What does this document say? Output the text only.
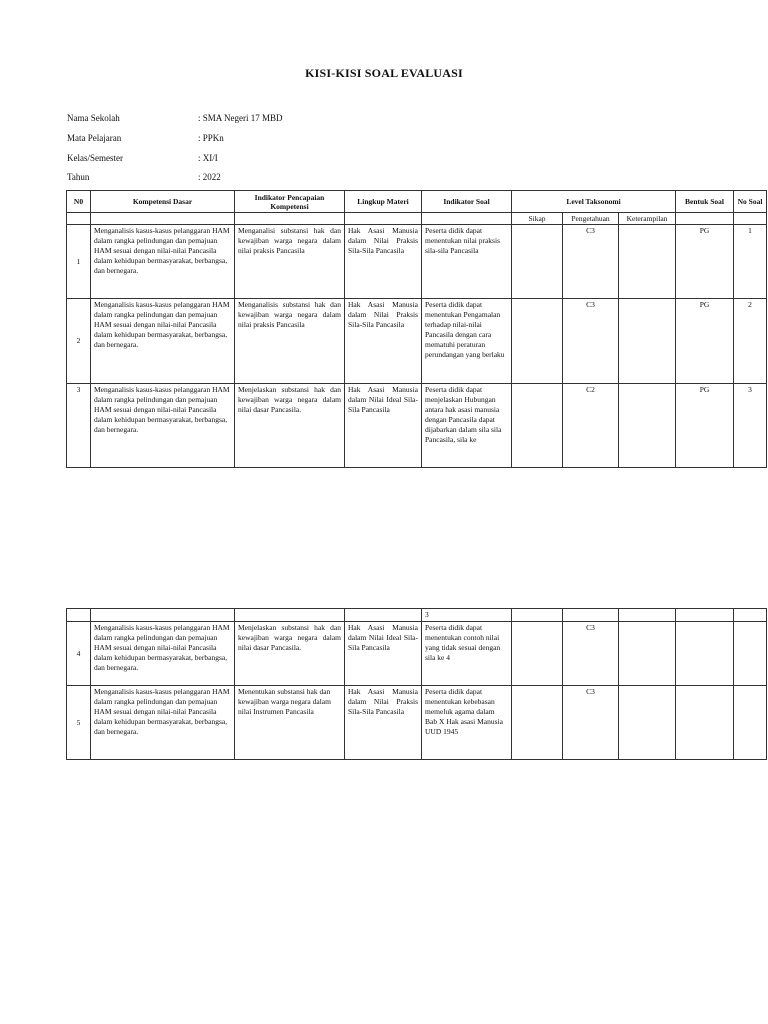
KISI-KISI SOAL EVALUASI
Nama Sekolah	: SMA Negeri 17 MBD
Mata Pelajaran	: PPKn
Kelas/Semester	: XI/I
Tahun	: 2022
N0	Kompetensi Dasar	Indikator Pencapaian Kompetensi	Lingkup Materi	Indikator Soal	Level Taksonomi			Bentuk Soal	No Soal
					Sikap	Pengetahuan	Keterampilan		
1	Menganalisis kasus-kasus pelanggaran HAM dalam rangka pelindungan dan pemajuan HAM sesuai dengan nilai-nilai Pancasila dalam kehidupan bermasyarakat, berbangsa, dan bernegara.	Menganalisi substansi hak dan kewajiban warga negara dalam nilai praksis Pancasila	Hak Asasi Manusia dalam Nilai Praksis Sila-Sila Pancasila	Peserta didik dapat menentukan nilai praksis sila-sila Pancasila		C3		PG	1
2	Menganalisis kasus-kasus pelanggaran HAM dalam rangka pelindungan dan pemajuan HAM sesuai dengan nilai-nilai Pancasila dalam kehidupan bermasyarakat, berbangsa, dan bernegara.	Menganalisis substansi hak dan kewajiban warga negara dalam nilai praksis Pancasila	Hak Asasi Manusia dalam Nilai Praksis Sila-Sila Pancasila	Peserta didik dapat menentukan Pengamalan terhadap nilai-nilai Pancasila dengan cara mematuhi peraturan perundangan yang berlaku		C3		PG	2
3	Menganalisis kasus-kasus pelanggaran HAM dalam rangka pelindungan dan pemajuan HAM sesuai dengan nilai-nilai Pancasila dalam kehidupan bermasyarakat, berbangsa, dan bernegara.	Menjelaskan substansi hak dan kewajiban warga negara dalam nilai dasar Pancasila.	Hak Asasi Manusia dalam Nilai Ideal Sila-Sila Pancasila	Peserta didik dapat menjelaskan Hubungan antara hak asasi manusia dengan Pancasila dapat dijabarkan dalam sila sila Pancasila, sila ke		C2		PG	3
				3					
4	Menganalisis kasus-kasus pelanggaran HAM dalam rangka pelindungan dan pemajuan HAM sesuai dengan nilai-nilai Pancasila dalam kehidupan bermasyarakat, berbangsa, dan bernegara.	Menjelaskan substansi hak dan kewajiban warga negara dalam nilai dasar Pancasila.	Hak Asasi Manusia dalam Nilai Ideal Sila-Sila Pancasila	Peserta didik dapat menentukan contoh nilai yang tidak sesuai dengan sila ke 4		C3			
5	Menganalisis kasus-kasus pelanggaran HAM dalam rangka pelindungan dan pemajuan HAM sesuai dengan nilai-nilai Pancasila dalam kehidupan bermasyarakat, berbangsa, dan bernegara.	Menentukan substansi hak dan kewajiban warga negara dalam nilai Instrumen Pancasila	Hak Asasi Manusia dalam Nilai Praksis Sila-Sila Pancasila	Peserta didik dapat menentukan kebebasan memeluk agama dalam Bab X Hak asasi Manusia UUD 1945		C3			
